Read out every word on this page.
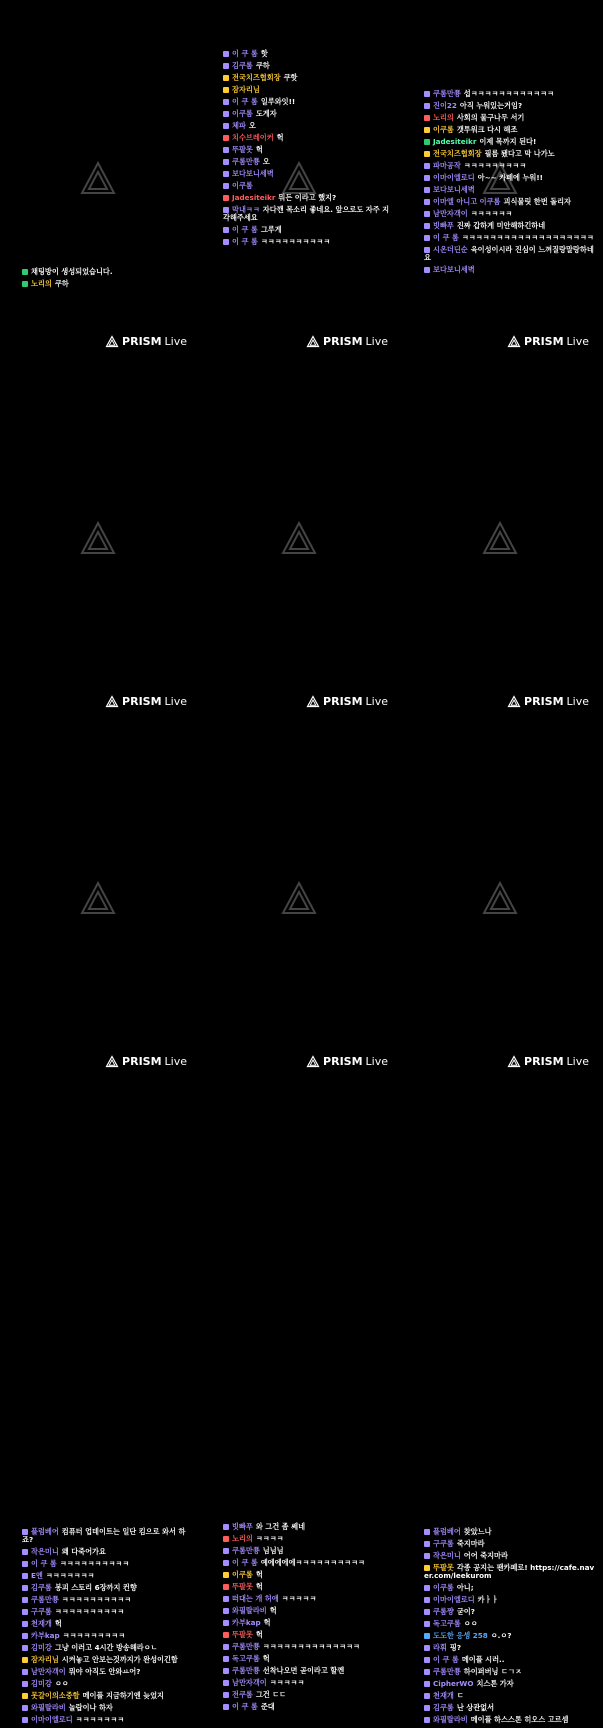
채팅방이 생성되었습니다.
노리의 쿠하
PRISM Live
이 쿠 롬 핫
김쿠롬 쿠하
전국치즈협회장 쿠핫
잠자리님
이 쿠 롬 일루와잇!!
이쿠롬 도게자
체파 오
치수브레이커 헉
뚜팔못 헉
쿠롬만쭁 오
보다보니세벽
이쿠롬
Jadesiteikr 뭐든 이라고 했지?
막내ㅋㅋ 자다깬 목소리 좋네요. 앞으로도 자주 지각해주세요
이 쿠 롬 그루게
이 쿠 롬 ㅋㅋㅋㅋㅋㅋㅋㅋㅋㅋ
PRISM Live
쿠롬만쭁 섭ㅋㅋㅋㅋㅋㅋㅋㅋㅋㅋㅋㅋ
진이22 아직 누워있는거임?
노리의 사회의 물구나무 서기
이쿠롬 갯투워크 다시 해조
Jadesiteikr 이제 목까지 된다!
전국치즈협회장 필름 됐다고 막 나가노
파마공작 ㅋㅋㅋㅋㅋㅋㅋㅋㅋ
이마이엘로디 아~~ 카페에 누워!!
보다보니세벽
이마엘 아니고 이쿠롬 괴식물릿 한번 돌리자
남만자객이 ㅋㅋㅋㅋㅋㅋ
빗빠푸 진짜 갑하게 미안해하긴하네
이 쿠 롬 ㅋㅋㅋㅋㅋㅋㅋㅋㅋㅋㅋㅋㅋㅋㅋㅋㅋㅋㅋ
시온더딘순 육이성이시라 진심이 느껴질랑말랑하네요
보다보니세벽
PRISM Live
PRISM Live	PRISM Live	PRISM Live
플럼베어 컴퓨터 업데이트는 일단 킴으로 와서 하죠?
작은미니 왜 다죽어가요
이 쿠 롬 ㅋㅋㅋㅋㅋㅋㅋㅋㅋㅋ
E엔 ㅋㅋㅋㅋㅋㅋㅋ
김쿠롬 봉괴 스토리 6장까지 컨향
쿠롬만쭁 ㅋㅋㅋㅋㅋㅋㅋㅋㅋㅋ
구쿠롬 ㅋㅋㅋㅋㅋㅋㅋㅋㅋㅋ
천재개 헉
카부kap ㅋㅋㅋㅋㅋㅋㅋㅋㅋ
김미강 그냥 이러고 4시간 방송해라ㅇㄴ
잠자리님 시켜놓고 안보는것까지가 완성이긴함
남만자객이 뭐야 아직도 안와ㅛ어?
김미강 ㅇㅇ
못갈이의소중함 메이플 지금하기엔 늦었지
와필랄라비 놀랍이나 하자
이마이엘로디 ㅋㅋㅋㅋㅋㅋㅋ
PRISM Live
빗빠푸 와 그건 좀 쎄네
노리의 ㅋㅋㅋㅋ
쿠롬만쭁 님님님
이 쿠 롬 예에에에에ㅋㅋㅋㅋㅋㅋㅋㅋㅋㅋ
이쿠롬 헉
뚜팔못 헉
떠대는 개 허애 ㅋㅋㅋㅋㅋ
와필랄라비 헉
카부kap 헉
뚜팔못 헉
쿠롬만쭁 ㅋㅋㅋㅋㅋㅋㅋㅋㅋㅋㅋㅋㅋㅋ
독고쿠롬 헉
쿠롬만쭁 선착나오면 곧이라고 할껜
남만자객이 ㅋㅋㅋㅋㅋ
전쿠롬 그건 ㄷㄷ
이 쿠 롬 준대
PRISM Live
플럼베어 찾았느나
구쿠롬 죽지마라
작은미니 어어 죽지마라
뚜팔못 각종 공지는 팬카페로! https://cafe.naver.com/leekurom
이쿠롬 아니;
이마이엘로디 카ㅏㅏ
쿠롬쨩 굳이?
독고쿠롬 ㅇㅇ
도도한 응셍 258 ㅇ.ㅇ?
라휘 핑?
이 쿠 롬 메이플 시러..
쿠롬만쭁 하이퍼버닝 ㄷㄱㅈ
CipherWO 치스톤 가자
천재개 ㄷ
김쿠롬 난 상관없서
와필랄라비 메이플 하스스톤 히오스 고르셈
PRISM Live
